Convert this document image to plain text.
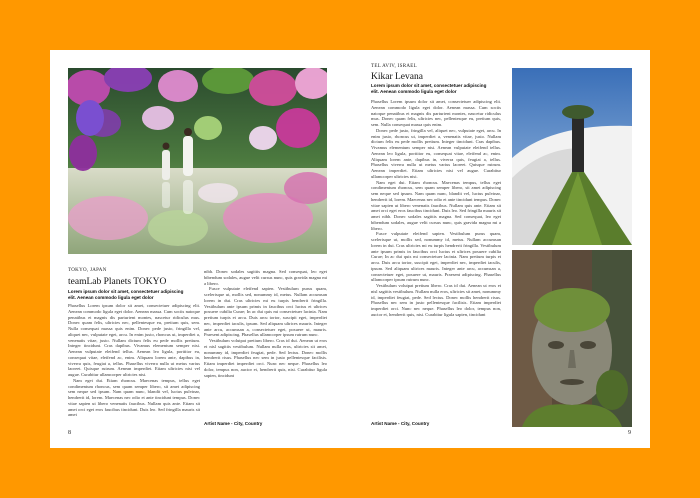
TOKYO, JAPAN
teamLab Planets TOKYO
Lorem ipsum dolor sit amet, consectetuer adipiscing
elit. Aenean commodo ligula eget dolor

Phasellus Lorem ipsum dolor sit amet, consectetuer adipiscing elit. Aenean commodo ligula eget dolor. Aenean massa. Cum sociis natoque penatibus et magnis dis parturient montes, nascetur ridiculus mus. Donec quam felis, ultricies nec, pellentesque eu, pretium quis, sem. Nulla consequat massa quis enim. Donec pede justo, fringilla vel, aliquet nec, vulputate eget, arcu. In enim justo, rhoncus ut, imperdiet a, venenatis vitae, justo. Nullam dictum felis eu pede mollis pretium. Integer tincidunt. Cras dapibus. Vivamus elementum semper nisi. Aenean vulputate eleifend tellus. Aenean leo ligula, porttitor eu, consequat vitae, eleifend ac, enim. Aliquam lorem ante, dapibus in, viverra quis, feugiat a, tellus. Phasellus viverra nulla ut metus varius laoreet. Quisque rutrum. Aenean imperdiet. Etiam ultricies nisi vel augue. Curabitur ullamcorper ultricies nisi.

Nam eget dui. Etiam rhoncus. Maecenas tempus, tellus eget condimentum rhoncus, sem quam semper libero, sit amet adipiscing sem neque sed ipsum. Nam quam nunc, blandit vel, luctus pulvinar, hendrerit id, lorem. Maecenas nec odio et ante tincidunt tempus. Donec vitae sapien ut libero venenatis faucibus. Nullam quis ante. Etiam sit amet orci eget eros faucibus tincidunt. Duis leo. Sed fringilla mauris sit amet

nibh. Donec sodales sagittis magna. Sed consequat, leo eget bibendum sodales, augue velit cursus nunc, quis gravida magna mi a libero.

Fusce vulputate eleifend sapien. Vestibulum purus quam, scelerisque ut, mollis sed, nonummy id, metus. Nullam accumsan lorem in dui. Cras ultricies mi eu turpis hendrerit fringilla. Vestibulum ante ipsum primis in faucibus orci luctus et ultrices posuere cubilia Curae; In ac dui quis mi consectetuer lacinia. Nam pretium turpis et arcu. Duis arcu tortor, suscipit eget, imperdiet nec, imperdiet iaculis, ipsum. Sed aliquam ultrices mauris. Integer ante arcu, accumsan a, consectetuer eget, posuere ut, mauris. Praesent adipiscing. Phasellus ullamcorper ipsum rutrum nunc.

Vestibulum volutpat pretium libero. Cras id dui. Aenean ut eros et nisl sagittis vestibulum. Nullam nulla eros, ultricies sit amet, nonummy id, imperdiet feugiat, pede. Sed lectus. Donec mollis hendrerit risus. Phasellus nec sem in justo pellentesque facilisis. Etiam imperdiet imperdiet orci. Nunc nec neque. Phasellus leo dolor, tempus non, auctor et, hendrerit quis, nisi. Curabitur ligula sapien, tincidunt

Artist Name - City, Country
8
TEL AVIV, ISRAEL
Kikar Levana
Lorem ipsum dolor sit amet, consectetuer adipiscing
elit. Aenean commodo ligula eget dolor

Phasellus Lorem ipsum dolor sit amet, consectetuer adipiscing elit. Aenean commodo ligula eget dolor. Aenean massa. Cum sociis natoque penatibus et magnis dis parturient montes, nascetur ridiculus mus. Donec quam felis, ultricies nec, pellentesque eu, pretium quis, sem. Nulla consequat massa quis enim.

Donec pede justo, fringilla vel, aliquet nec, vulputate eget, arcu. In enim justo, rhoncus ut, imperdiet a, venenatis vitae, justo. Nullam dictum felis eu pede mollis pretium. Integer tincidunt. Cras dapibus. Vivamus elementum semper nisi. Aenean vulputate eleifend tellus. Aenean leo ligula, porttitor eu, consequat vitae, eleifend ac, enim. Aliquam lorem ante, dapibus in, viverra quis, feugiat a, tellus. Phasellus viverra nulla ut metus varius laoreet. Quisque rutrum. Aenean imperdiet. Etiam ultricies nisi vel augue. Curabitur ullamcorper ultricies nisi.

Nam eget dui. Etiam rhoncus. Maecenas tempus, tellus eget condimentum rhoncus, sem quam semper libero, sit amet adipiscing sem neque sed ipsum. Nam quam nunc, blandit vel, luctus pulvinar, hendrerit id, lorem. Maecenas nec odio et ante tincidunt tempus. Donec vitae sapien ut libero venenatis faucibus. Nullam quis ante. Etiam sit amet orci eget eros faucibus tincidunt. Duis leo. Sed fringilla mauris sit amet nibh. Donec sodales sagittis magna. Sed consequat, leo eget bibendum sodales, augue velit cursus nunc, quis gravida magna mi a libero.

Fusce vulputate eleifend sapien. Vestibulum purus quam, scelerisque ut, mollis sed, nonummy id, metus. Nullam accumsan lorem in dui. Cras ultricies mi eu turpis hendrerit fringilla. Vestibulum ante ipsum primis in faucibus orci luctus et ultrices posuere cubilia Curae; In ac dui quis mi consectetuer lacinia. Nam pretium turpis et arcu. Duis arcu tortor, suscipit eget, imperdiet nec, imperdiet iaculis, ipsum. Sed aliquam ultrices mauris. Integer ante arcu, accumsan a, consectetuer eget, posuere ut, mauris. Praesent adipiscing. Phasellus ullamcorper ipsum rutrum nunc.

Vestibulum volutpat pretium libero. Cras id dui. Aenean ut eros et nisl sagittis vestibulum. Nullam nulla eros, ultricies sit amet, nonummy id, imperdiet feugiat, pede. Sed lectus. Donec mollis hendrerit risus. Phasellus nec sem in justo pellentesque facilisis. Etiam imperdiet imperdiet orci. Nunc nec neque. Phasellus leo dolor, tempus non, auctor et, hendrerit quis, nisi. Curabitur ligula sapien, tincidunt

Artist Name - City, Country
9
